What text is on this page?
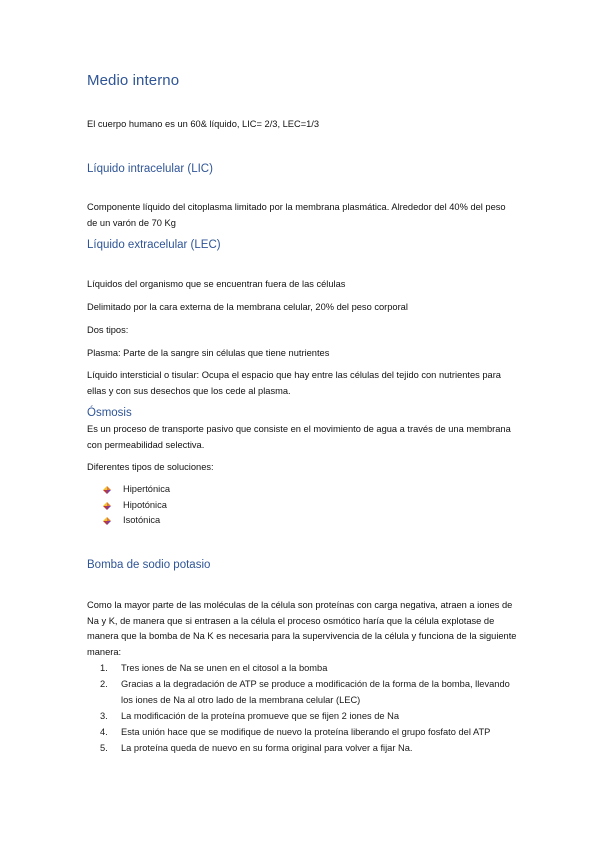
Medio interno
El cuerpo humano es un 60& líquido, LIC= 2/3, LEC=1/3
Líquido intracelular (LIC)
Componente líquido del citoplasma limitado por la membrana plasmática. Alrededor del 40% del peso de un varón de 70 Kg
Líquido extracelular (LEC)
Líquidos del organismo que se encuentran fuera de las células
Delimitado por la cara externa de la membrana celular, 20% del peso corporal
Dos tipos:
Plasma: Parte de la sangre sin células que tiene nutrientes
Líquido intersticial o tisular: Ocupa el espacio que hay entre las células del tejido con nutrientes para ellas y con sus desechos que los cede al plasma.
Ósmosis
Es un proceso de transporte pasivo que consiste en el movimiento de agua a través de una membrana con permeabilidad selectiva.
Diferentes tipos de soluciones:
Hipertónica
Hipotónica
Isotónica
Bomba de sodio potasio
Como la mayor parte de las moléculas de la célula son proteínas con carga negativa, atraen a iones de Na y K, de manera que si entrasen a la célula el proceso osmótico haría que la célula explotase de manera que la bomba de Na K es necesaria para la supervivencia de la célula y funciona de la siguiente manera:
1. Tres iones de Na se unen en el citosol a la bomba
2. Gracias a la degradación de ATP se produce a modificación de la forma de la bomba, llevando los iones de Na al otro lado de la membrana celular (LEC)
3. La modificación de la proteína promueve que se fijen 2 iones de Na
4. Esta unión hace que se modifique de nuevo la proteína liberando el grupo fosfato del ATP
5. La proteína queda de nuevo en su forma original para volver a fijar Na.
